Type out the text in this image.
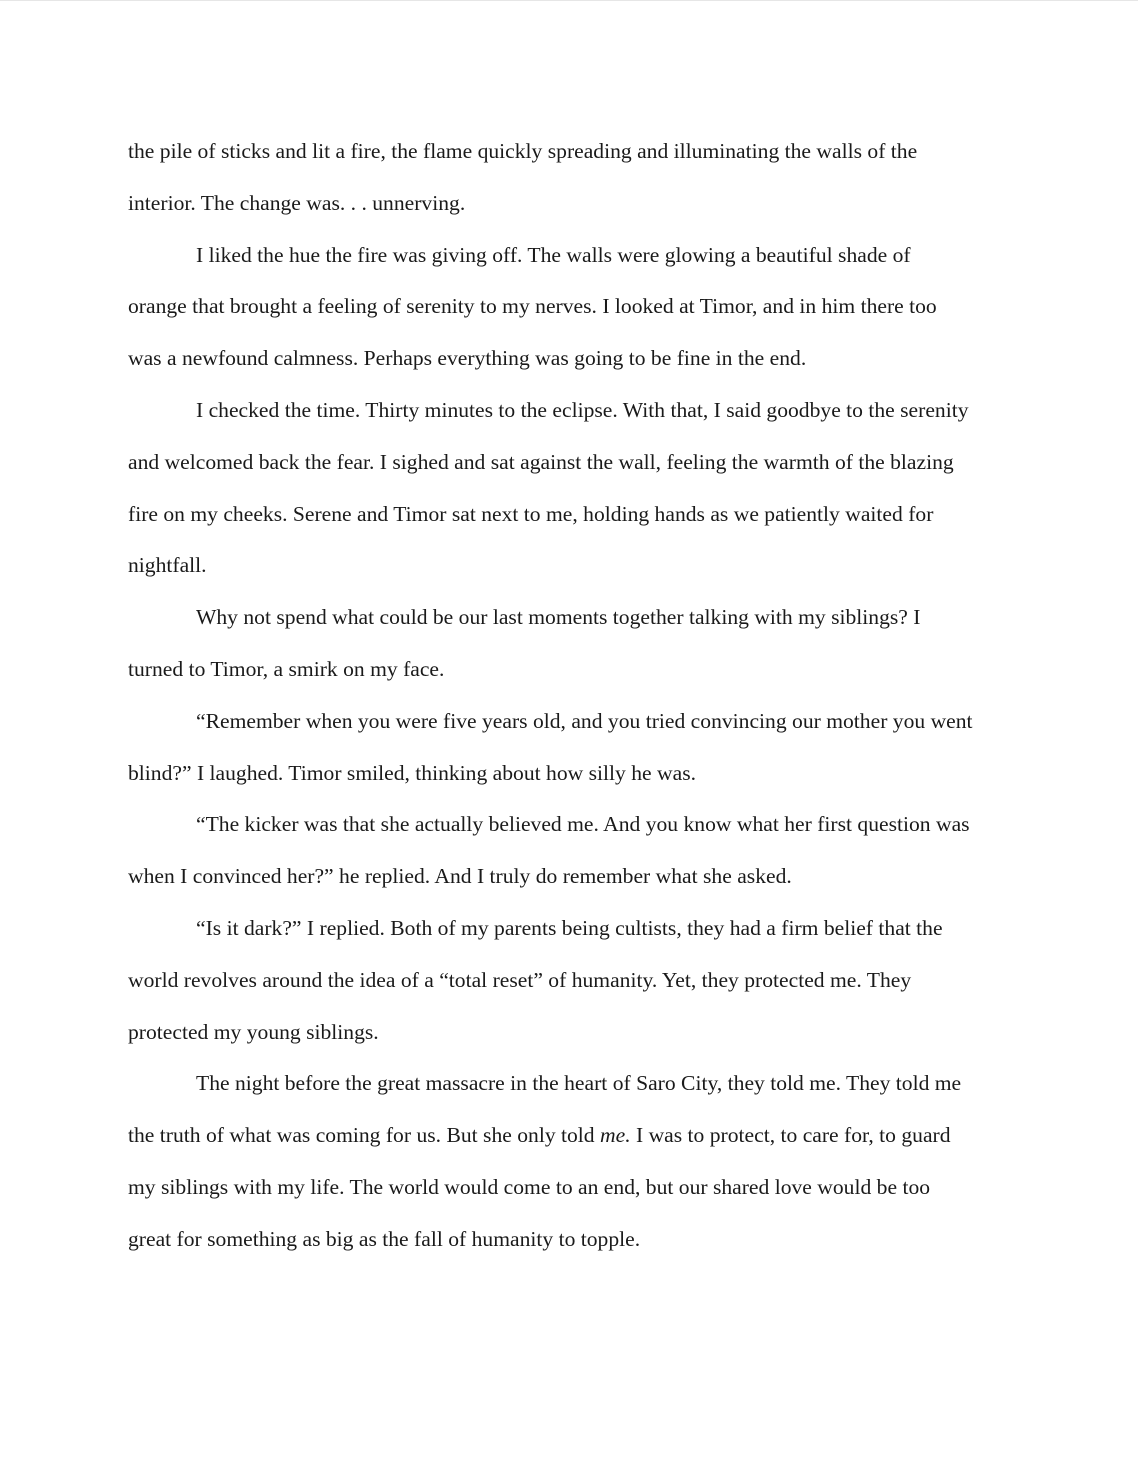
the pile of sticks and lit a fire, the flame quickly spreading and illuminating the walls of the
interior. The change was. . . unnerving.

I liked the hue the fire was giving off. The walls were glowing a beautiful shade of
orange that brought a feeling of serenity to my nerves. I looked at Timor, and in him there too
was a newfound calmness. Perhaps everything was going to be fine in the end.

I checked the time. Thirty minutes to the eclipse. With that, I said goodbye to the serenity
and welcomed back the fear. I sighed and sat against the wall, feeling the warmth of the blazing
fire on my cheeks. Serene and Timor sat next to me, holding hands as we patiently waited for
nightfall.

Why not spend what could be our last moments together talking with my siblings? I
turned to Timor, a smirk on my face.

“Remember when you were five years old, and you tried convincing our mother you went
blind?” I laughed. Timor smiled, thinking about how silly he was.

“The kicker was that she actually believed me. And you know what her first question was
when I convinced her?” he replied. And I truly do remember what she asked.

“Is it dark?” I replied. Both of my parents being cultists, they had a firm belief that the
world revolves around the idea of a “total reset” of humanity. Yet, they protected me. They
protected my young siblings.

The night before the great massacre in the heart of Saro City, they told me. They told me
the truth of what was coming for us. But she only told me. I was to protect, to care for, to guard
my siblings with my life. The world would come to an end, but our shared love would be too
great for something as big as the fall of humanity to topple.
